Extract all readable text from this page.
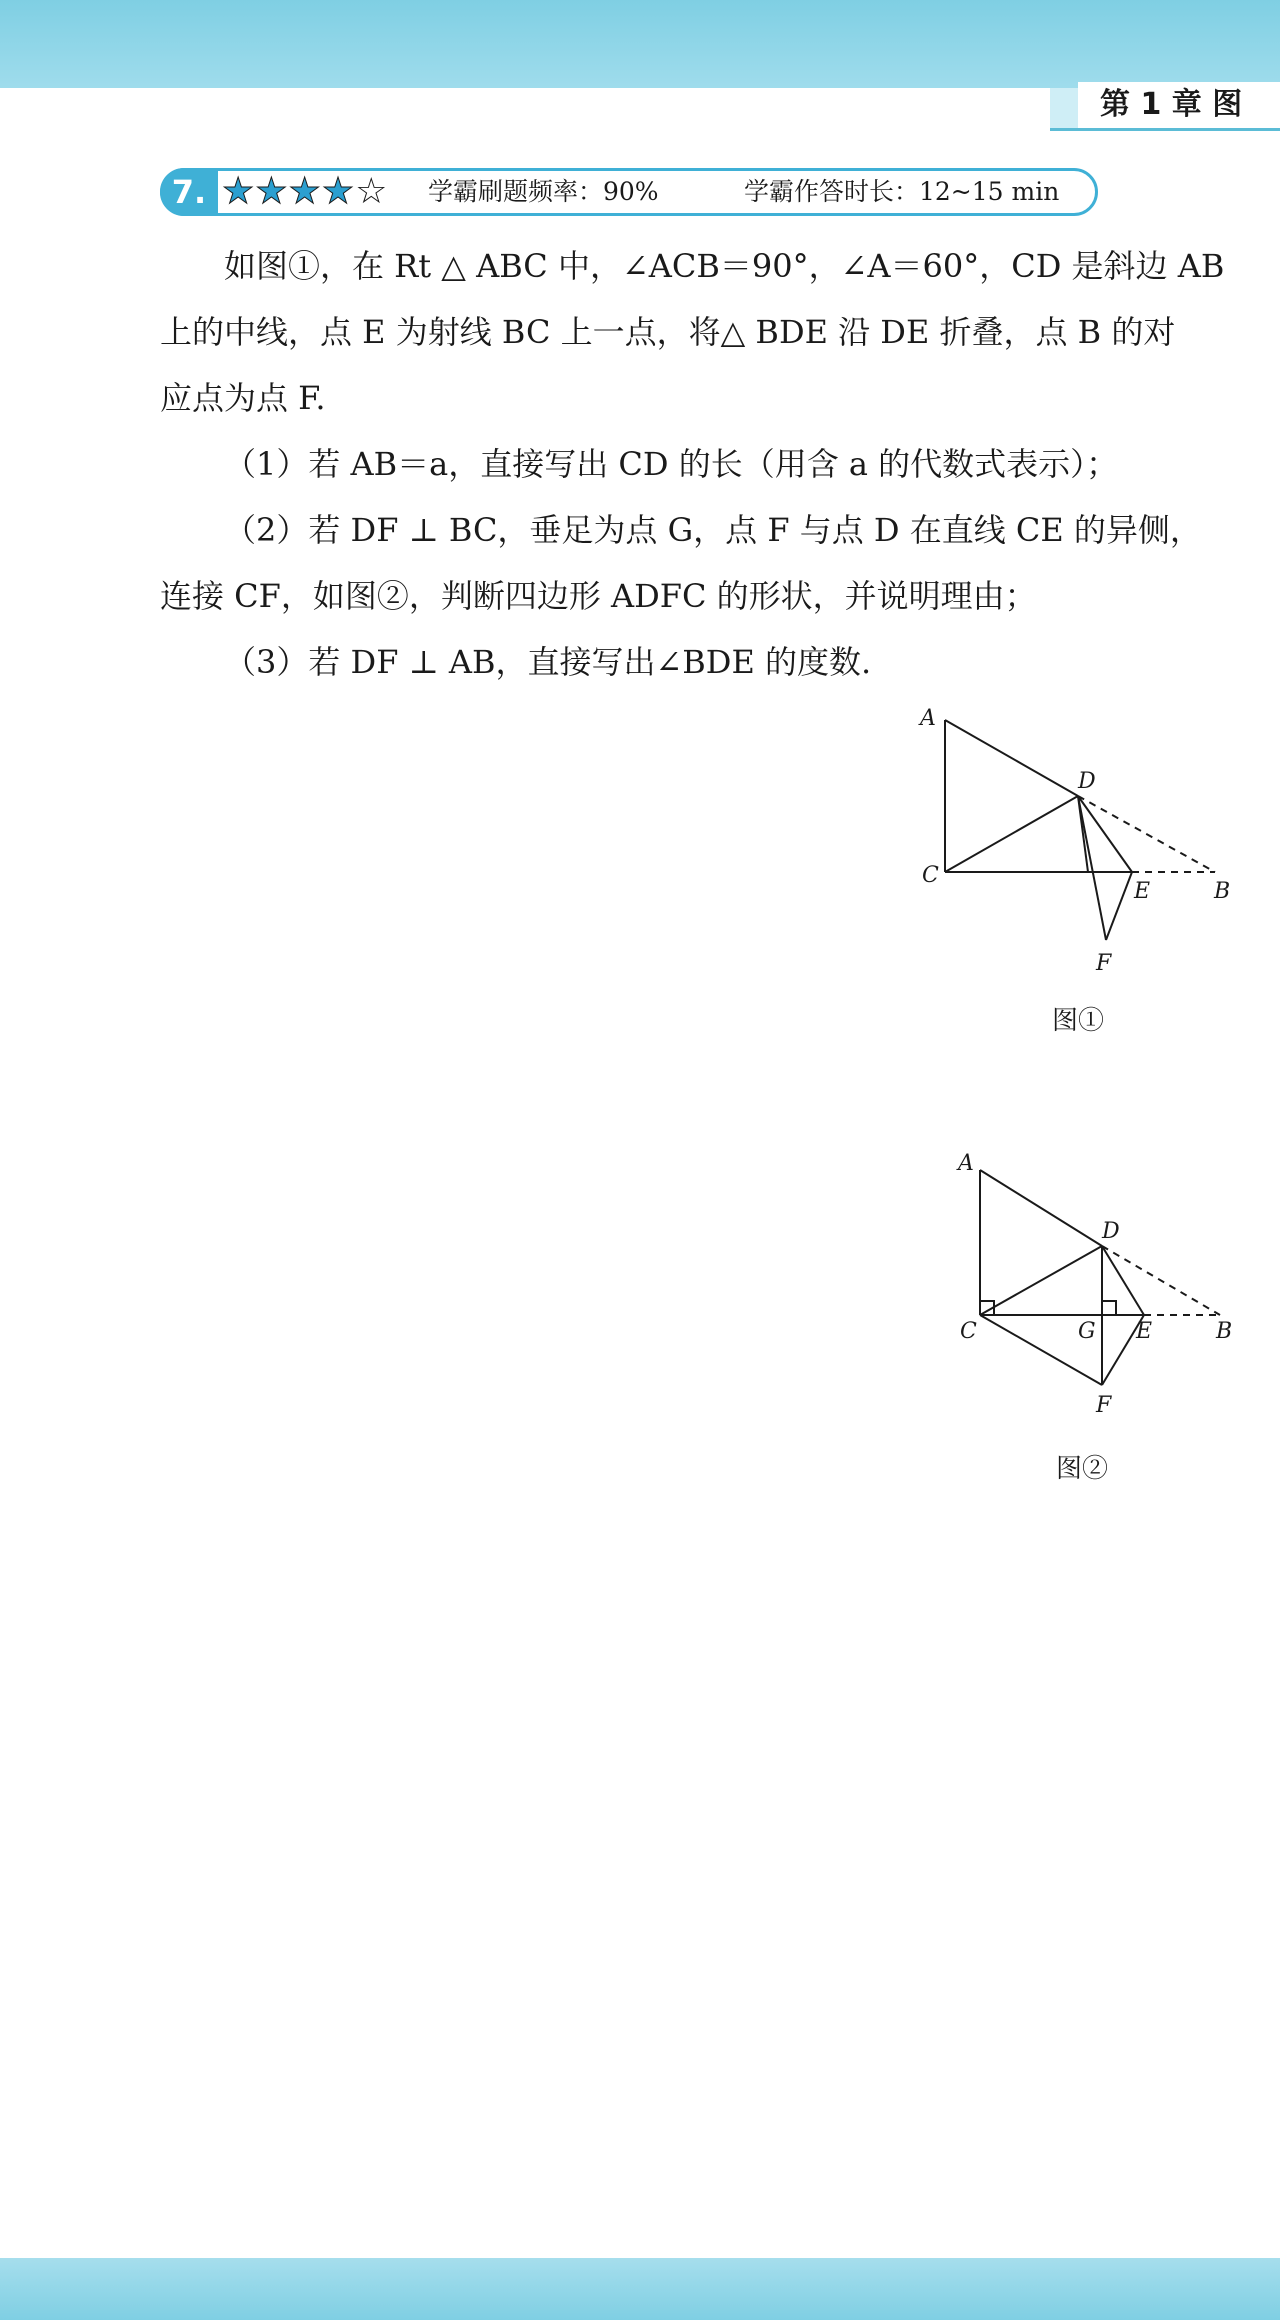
第 1 章 图
7. ★★★★☆ 学霸刷题频率：90%	学霸作答时长：12~15 min
如图①，在 Rt △ ABC 中，∠ACB＝90°，∠A＝60°，CD 是斜边 AB
上的中线，点 E 为射线 BC 上一点，将△ BDE 沿 DE 折叠，点 B 的对
应点为点 F.
（1）若 AB＝a，直接写出 CD 的长（用含 a 的代数式表示）；
（2）若 DF ⊥ BC，垂足为点 G，点 F 与点 D 在直线 CE 的异侧，
连接 CF，如图②，判断四边形 ADFC 的形状，并说明理由；
（3）若 DF ⊥ AB，直接写出∠BDE 的度数.
A
C
D
E	B
F
图①
A
C
D
G E	B
F
图②
